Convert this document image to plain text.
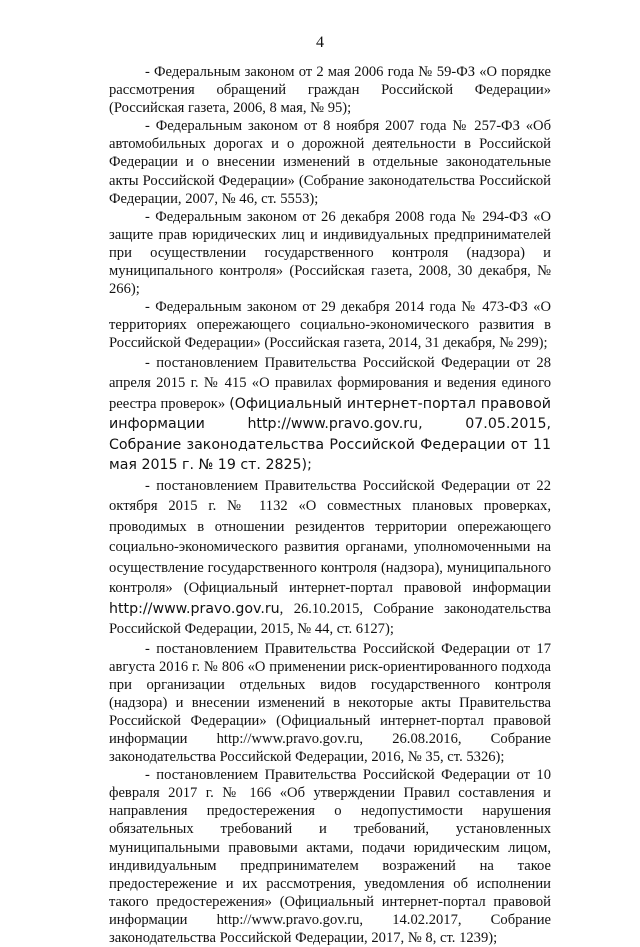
4

- Федеральным законом от 2 мая 2006 года № 59-ФЗ «О порядке рассмотрения обращений граждан Российской Федерации» (Российская газета, 2006, 8 мая, № 95);

- Федеральным законом от 8 ноября 2007 года № 257-ФЗ «Об автомобильных дорогах и о дорожной деятельности в Российской Федерации и о внесении изменений в отдельные законодательные акты Российской Федерации» (Собрание законодательства Российской Федерации, 2007, № 46, ст. 5553);

- Федеральным законом от 26 декабря 2008 года № 294-ФЗ «О защите прав юридических лиц и индивидуальных предпринимателей при осуществлении государственного контроля (надзора) и муниципального контроля» (Российская газета, 2008, 30 декабря, № 266);

- Федеральным законом от 29 декабря 2014 года № 473-ФЗ «О территориях опережающего социально-экономического развития в Российской Федерации» (Российская газета, 2014, 31 декабря, № 299);

- постановлением Правительства Российской Федерации от 28 апреля 2015 г. № 415 «О правилах формирования и ведения единого реестра проверок» (Официальный интернет-портал правовой информации http://www.pravo.gov.ru, 07.05.2015, Собрание законодательства Российской Федерации от 11 мая 2015 г. № 19 ст. 2825);

- постановлением Правительства Российской Федерации от 22 октября 2015 г. № 1132 «О совместных плановых проверках, проводимых в отношении резидентов территории опережающего социально-экономического развития органами, уполномоченными на осуществление государственного контроля (надзора), муниципального контроля» (Официальный интернет-портал правовой информации http://www.pravo.gov.ru, 26.10.2015, Собрание законодательства Российской Федерации, 2015, № 44, ст. 6127);

- постановлением Правительства Российской Федерации от 17 августа 2016 г. № 806 «О применении риск-ориентированного подхода при организации отдельных видов государственного контроля (надзора) и внесении изменений в некоторые акты Правительства Российской Федерации» (Официальный интернет-портал правовой информации http://www.pravo.gov.ru, 26.08.2016, Собрание законодательства Российской Федерации, 2016, № 35, ст. 5326);

- постановлением Правительства Российской Федерации от 10 февраля 2017 г. № 166 «Об утверждении Правил составления и направления предостережения о недопустимости нарушения обязательных требований и требований, установленных муниципальными правовыми актами, подачи юридическим лицом, индивидуальным предпринимателем возражений на такое предостережение и их рассмотрения, уведомления об исполнении такого предостережения» (Официальный интернет-портал правовой информации http://www.pravo.gov.ru, 14.02.2017, Собрание законодательства Российской Федерации, 2017, № 8, ст. 1239);
